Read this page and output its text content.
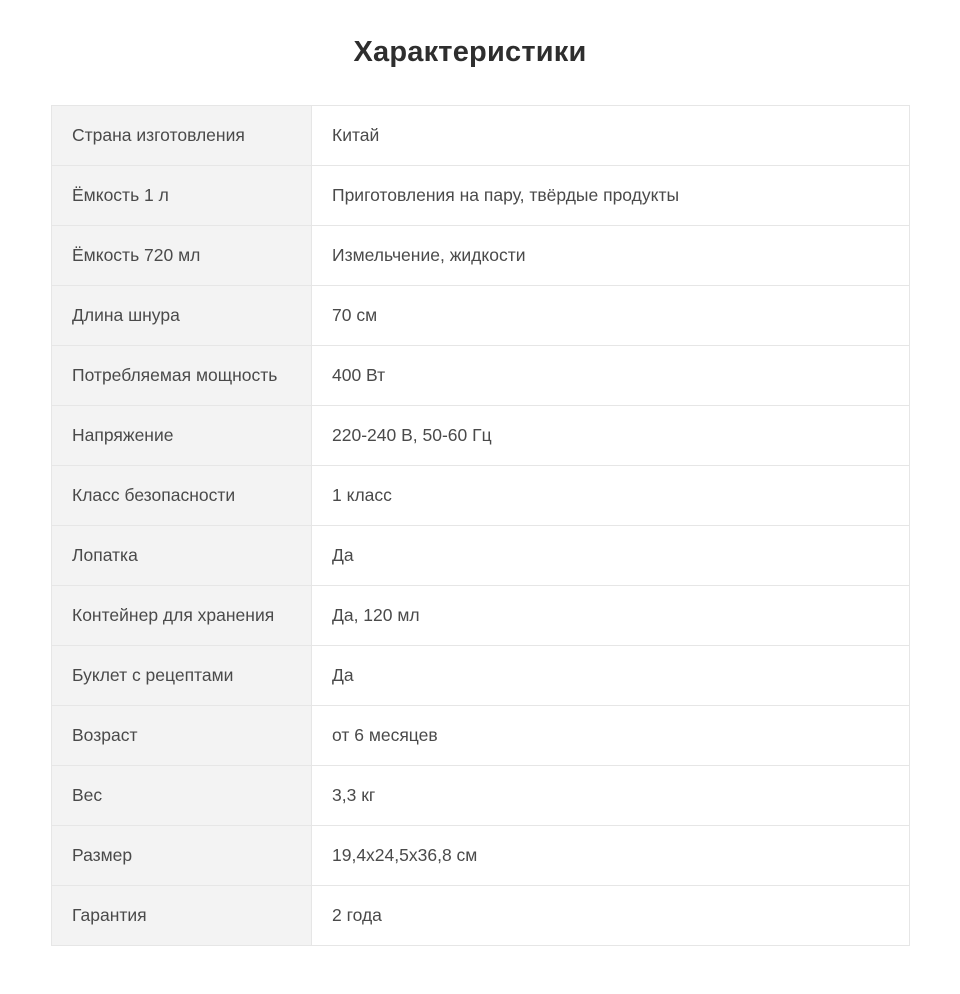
Характеристики
Страна изготовления	Китай
Ёмкость 1 л	Приготовления на пару, твёрдые продукты
Ёмкость 720 мл	Измельчение, жидкости
Длина шнура	70 см
Потребляемая мощность	400 Вт
Напряжение	220-240 В, 50-60 Гц
Класс безопасности	1 класс
Лопатка	Да
Контейнер для хранения	Да, 120 мл
Буклет с рецептами	Да
Возраст	от 6 месяцев
Вес	3,3 кг
Размер	19,4x24,5x36,8 см
Гарантия	2 года
